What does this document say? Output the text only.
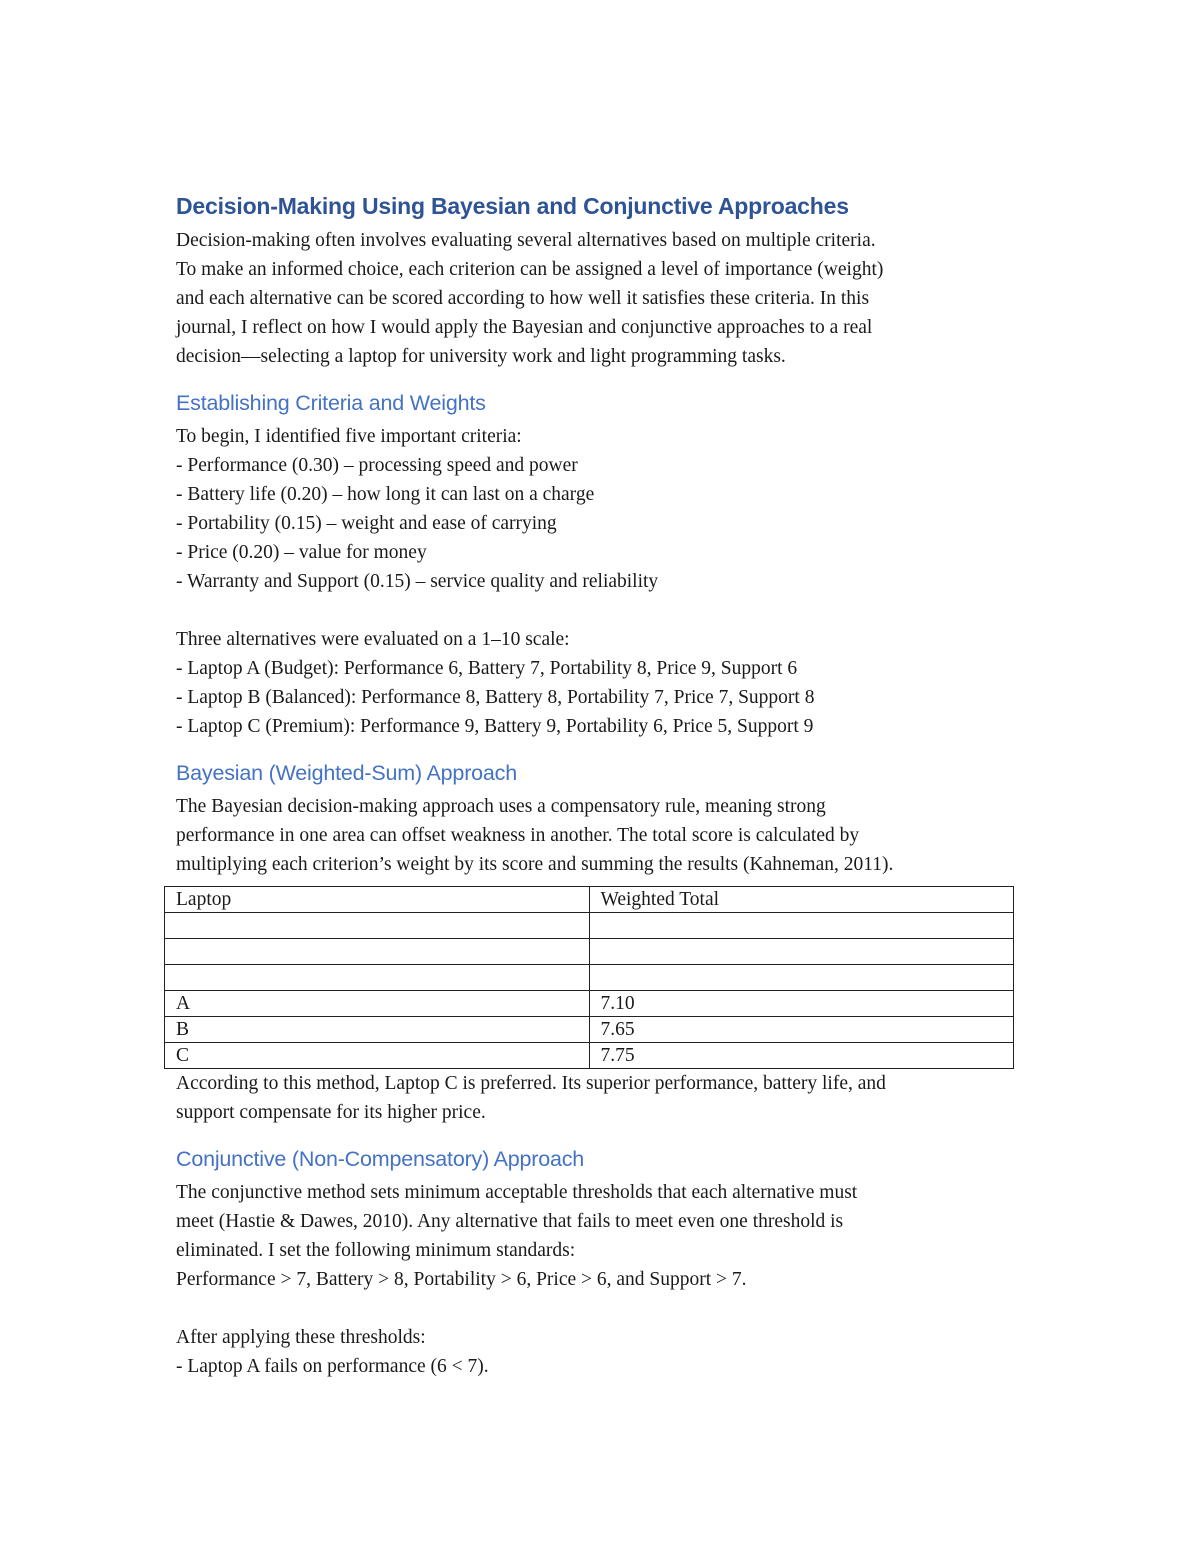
Decision-Making Using Bayesian and Conjunctive Approaches

Decision-making often involves evaluating several alternatives based on multiple criteria.

To make an informed choice, each criterion can be assigned a level of importance (weight)

and each alternative can be scored according to how well it satisfies these criteria. In this

journal, I reflect on how I would apply the Bayesian and conjunctive approaches to a real

decision—selecting a laptop for university work and light programming tasks.

Establishing Criteria and Weights

To begin, I identified five important criteria:

- Performance (0.30) – processing speed and power

- Battery life (0.20) – how long it can last on a charge

- Portability (0.15) – weight and ease of carrying

- Price (0.20) – value for money

- Warranty and Support (0.15) – service quality and reliability

Three alternatives were evaluated on a 1–10 scale:

- Laptop A (Budget): Performance 6, Battery 7, Portability 8, Price 9, Support 6

- Laptop B (Balanced): Performance 8, Battery 8, Portability 7, Price 7, Support 8

- Laptop C (Premium): Performance 9, Battery 9, Portability 6, Price 5, Support 9

Bayesian (Weighted-Sum) Approach

The Bayesian decision-making approach uses a compensatory rule, meaning strong

performance in one area can offset weakness in another. The total score is calculated by

multiplying each criterion’s weight by its score and summing the results (Kahneman, 2011).

Laptop	Weighted Total

A	7.10
B	7.65
C	7.75

According to this method, Laptop C is preferred. Its superior performance, battery life, and

support compensate for its higher price.

Conjunctive (Non-Compensatory) Approach

The conjunctive method sets minimum acceptable thresholds that each alternative must

meet (Hastie & Dawes, 2010). Any alternative that fails to meet even one threshold is

eliminated. I set the following minimum standards:

Performance > 7, Battery > 8, Portability > 6, Price > 6, and Support > 7.

After applying these thresholds:

- Laptop A fails on performance (6 < 7).
